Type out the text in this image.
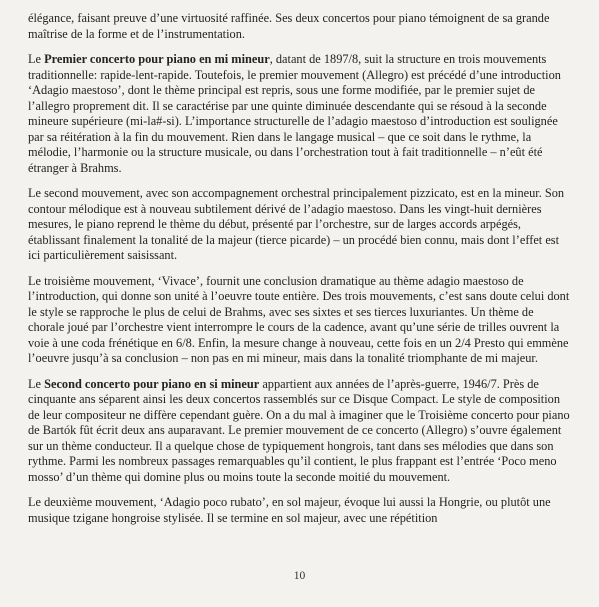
élégance, faisant preuve d’une virtuosité raffinée. Ses deux concertos pour piano témoignent de sa grande maîtrise de la forme et de l’instrumentation.

Le Premier concerto pour piano en mi mineur, datant de 1897/8, suit la structure en trois mouvements traditionnelle: rapide-lent-rapide. Toutefois, le premier mouvement (Allegro) est précédé d’une introduction ‘Adagio maestoso’, dont le thème principal est repris, sous une forme modifiée, par le premier sujet de l’allegro proprement dit. Il se caractérise par une quinte diminuée descendante qui se résoud à la seconde mineure supérieure (mi-la#-si). L’importance structurelle de l’adagio maestoso d’introduction est soulignée par sa réitération à la fin du mouvement. Rien dans le langage musical – que ce soit dans le rythme, la mélodie, l’harmonie ou la structure musicale, ou dans l’orchestration tout à fait traditionnelle – n’eût été étranger à Brahms.

Le second mouvement, avec son accompagnement orchestral principalement pizzicato, est en la mineur. Son contour mélodique est à nouveau subtilement dérivé de l’adagio maestoso. Dans les vingt-huit dernières mesures, le piano reprend le thème du début, présenté par l’orchestre, sur de larges accords arpégés, établissant finalement la tonalité de la majeur (tierce picarde) – un procédé bien connu, mais dont l’effet est ici particulièrement saisissant.

Le troisième mouvement, ‘Vivace’, fournit une conclusion dramatique au thème adagio maestoso de l’introduction, qui donne son unité à l’oeuvre toute entière. Des trois mouvements, c’est sans doute celui dont le style se rapproche le plus de celui de Brahms, avec ses sixtes et ses tierces luxuriantes. Un thème de chorale joué par l’orchestre vient interrompre le cours de la cadence, avant qu’une série de trilles ouvrent la voie à une coda frénétique en 6/8. Enfin, la mesure change à nouveau, cette fois en un 2/4 Presto qui emmène l’oeuvre jusqu’à sa conclusion – non pas en mi mineur, mais dans la tonalité triomphante de mi majeur.

Le Second concerto pour piano en si mineur appartient aux années de l’après-guerre, 1946/7. Près de cinquante ans séparent ainsi les deux concertos rassemblés sur ce Disque Compact. Le style de composition de leur compositeur ne diffère cependant guère. On a du mal à imaginer que le Troisième concerto pour piano de Bartók fût écrit deux ans auparavant. Le premier mouvement de ce concerto (Allegro) s’ouvre également sur un thème conducteur. Il a quelque chose de typiquement hongrois, tant dans ses mélodies que dans son rythme. Parmi les nombreux passages remarquables qu’il contient, le plus frappant est l’entrée ‘Poco meno mosso’ d’un thème qui domine plus ou moins toute la seconde moitié du mouvement.

Le deuxième mouvement, ‘Adagio poco rubato’, en sol majeur, évoque lui aussi la Hongrie, ou plutôt une musique tzigane hongroise stylisée. Il se termine en sol majeur, avec une répétition

10
